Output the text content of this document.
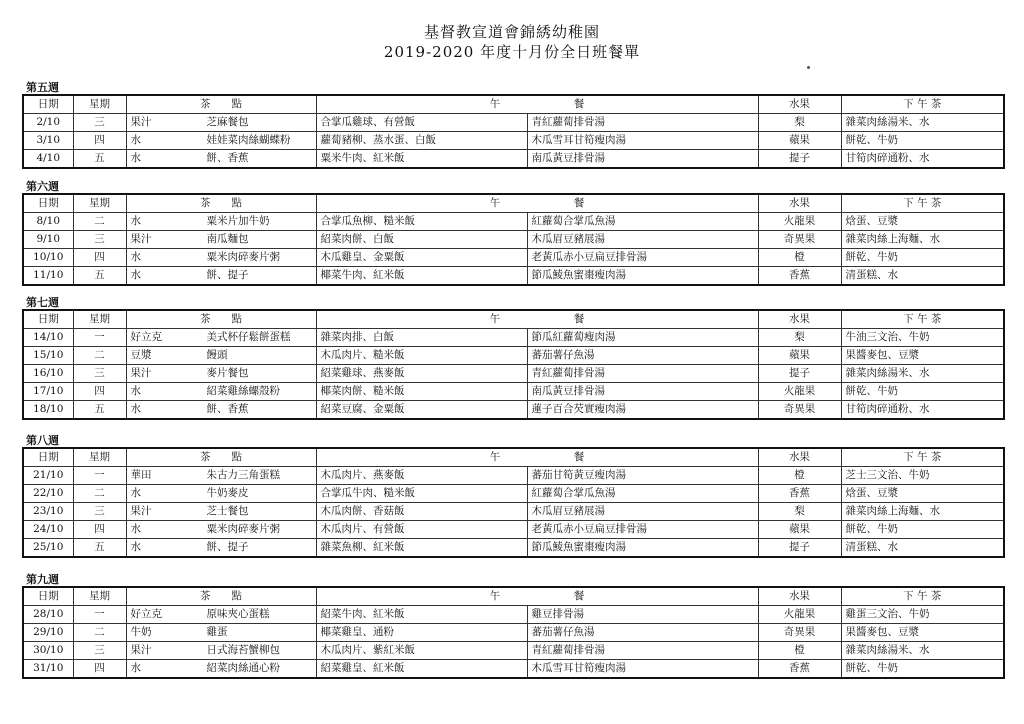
基督教宣道會錦綉幼稚園
2019-2020 年度十月份全日班餐單
第五週
日期	星期	茶　　點	午　　　　　　　餐		水果	下 午 茶
2/10	三	果汁 芝麻餐包	合掌瓜雞球、有營飯	青紅蘿蔔排骨湯	梨	雜菜肉絲湯米、水
3/10	四	水 娃娃菜肉絲蝴蝶粉	蘿蔔豬柳、蒸水蛋、白飯	木瓜雪耳甘筍瘦肉湯	蘋果	餅乾、牛奶
4/10	五	水 餅、香蕉	粟米牛肉、紅米飯	南瓜黃豆排骨湯	提子	甘筍肉碎通粉、水
第六週
日期	星期	茶　　點	午　　　　　　　餐		水果	下 午 茶
8/10	二	水 粟米片加牛奶	合掌瓜魚柳、糙米飯	紅蘿蔔合掌瓜魚湯	火龍果	焓蛋、豆漿
9/10	三	果汁 南瓜麵包	紹菜肉餅、白飯	木瓜眉豆豬展湯	奇異果	雜菜肉絲上海麵、水
10/10	四	水 粟米肉碎麥片粥	木瓜雞皇、金粟飯	老黃瓜赤小豆扁豆排骨湯	橙	餅乾、牛奶
11/10	五	水 餅、提子	椰菜牛肉、紅米飯	節瓜鯪魚蜜棗瘦肉湯	香蕉	清蛋糕、水
第七週
日期	星期	茶　　點	午　　　　　　　餐		水果	下 午 茶
14/10	一	好立克 美式杯仔鬆餅蛋糕	雜菜肉排、白飯	節瓜紅蘿蔔瘦肉湯	梨	牛油三文治、牛奶
15/10	二	豆漿 饅頭	木瓜肉片、糙米飯	蕃茄薯仔魚湯	蘋果	果醬麥包、豆漿
16/10	三	果汁 麥片餐包	紹菜雞球、燕麥飯	青紅蘿蔔排骨湯	提子	雜菜肉絲湯米、水
17/10	四	水 紹菜雞絲螺殼粉	椰菜肉餅、糙米飯	南瓜黃豆排骨湯	火龍果	餅乾、牛奶
18/10	五	水 餅、香蕉	紹菜豆腐、金粟飯	蓮子百合芡實瘦肉湯	奇異果	甘筍肉碎通粉、水
第八週
日期	星期	茶　　點	午　　　　　　　餐		水果	下 午 茶
21/10	一	華田 朱古力三角蛋糕	木瓜肉片、燕麥飯	蕃茄甘筍黃豆瘦肉湯	橙	芝士三文治、牛奶
22/10	二	水 牛奶麥皮	合掌瓜牛肉、糙米飯	紅蘿蔔合掌瓜魚湯	香蕉	焓蛋、豆漿
23/10	三	果汁 芝士餐包	木瓜肉餅、香菇飯	木瓜眉豆豬展湯	梨	雜菜肉絲上海麵、水
24/10	四	水 粟米肉碎麥片粥	木瓜肉片、有營飯	老黃瓜赤小豆扁豆排骨湯	蘋果	餅乾、牛奶
25/10	五	水 餅、提子	雜菜魚柳、紅米飯	節瓜鯪魚蜜棗瘦肉湯	提子	清蛋糕、水
第九週
日期	星期	茶　　點	午　　　　　　　餐		水果	下 午 茶
28/10	一	好立克 原味夾心蛋糕	紹菜牛肉、紅米飯	雞豆排骨湯	火龍果	雞蛋三文治、牛奶
29/10	二	牛奶 雞蛋	椰菜雞皇、通粉	蕃茄薯仔魚湯	奇異果	果醬麥包、豆漿
30/10	三	果汁 日式海苔蟹柳包	木瓜肉片、紫紅米飯	青紅蘿蔔排骨湯	橙	雜菜肉絲湯米、水
31/10	四	水 紹菜肉絲通心粉	紹菜雞皇、紅米飯	木瓜雪耳甘筍瘦肉湯	香蕉	餅乾、牛奶
